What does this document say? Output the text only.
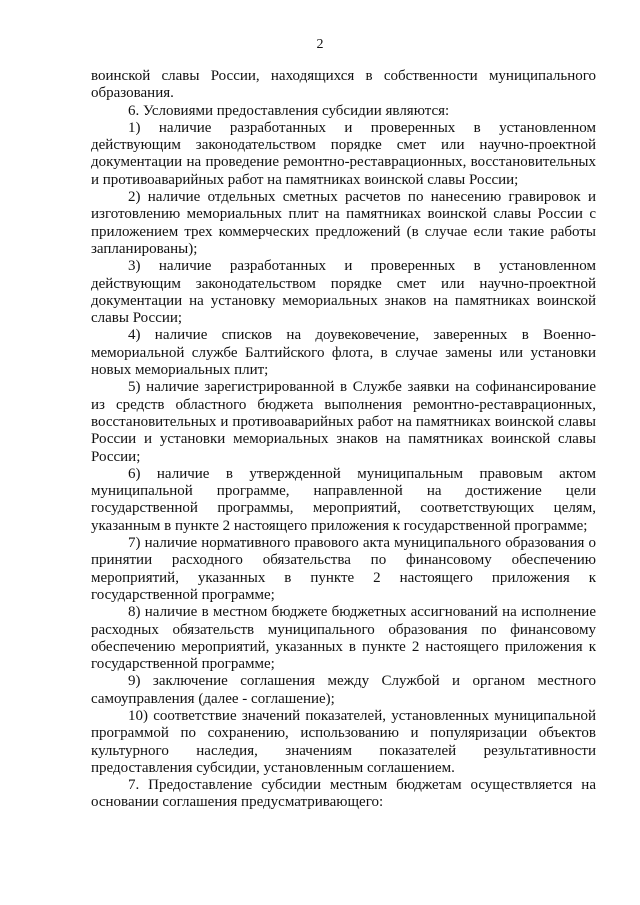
2

воинской славы России, находящихся в собственности муниципального образования.

6. Условиями предоставления субсидии являются:

1) наличие разработанных и проверенных в установленном действующим законодательством порядке смет или научно-проектной документации на проведение ремонтно-реставрационных, восстановительных и противоаварийных работ на памятниках воинской славы России;

2) наличие отдельных сметных расчетов по нанесению гравировок и изготовлению мемориальных плит на памятниках воинской славы России с приложением трех коммерческих предложений (в случае если такие работы запланированы);

3) наличие разработанных и проверенных в установленном действующим законодательством порядке смет или научно-проектной документации на установку мемориальных знаков на памятниках воинской славы России;

4) наличие списков на доувековечение, заверенных в Военно-мемориальной службе Балтийского флота, в случае замены или установки новых мемориальных плит;

5) наличие зарегистрированной в Службе заявки на софинансирование из средств областного бюджета выполнения ремонтно-реставрационных, восстановительных и противоаварийных работ на памятниках воинской славы России и установки мемориальных знаков на памятниках воинской славы России;

6) наличие в утвержденной муниципальным правовым актом муниципальной программе, направленной на достижение цели государственной программы, мероприятий, соответствующих целям, указанным в пункте 2 настоящего приложения к государственной программе;

7) наличие нормативного правового акта муниципального образования о принятии расходного обязательства по финансовому обеспечению мероприятий, указанных в пункте 2 настоящего приложения к государственной программе;

8) наличие в местном бюджете бюджетных ассигнований на исполнение расходных обязательств муниципального образования по финансовому обеспечению мероприятий, указанных в пункте 2 настоящего приложения к государственной программе;

9) заключение соглашения между Службой и органом местного самоуправления (далее - соглашение);

10) соответствие значений показателей, установленных муниципальной программой по сохранению, использованию и популяризации объектов культурного наследия, значениям показателей результативности предоставления субсидии, установленным соглашением.

7. Предоставление субсидии местным бюджетам осуществляется на основании соглашения предусматривающего:
